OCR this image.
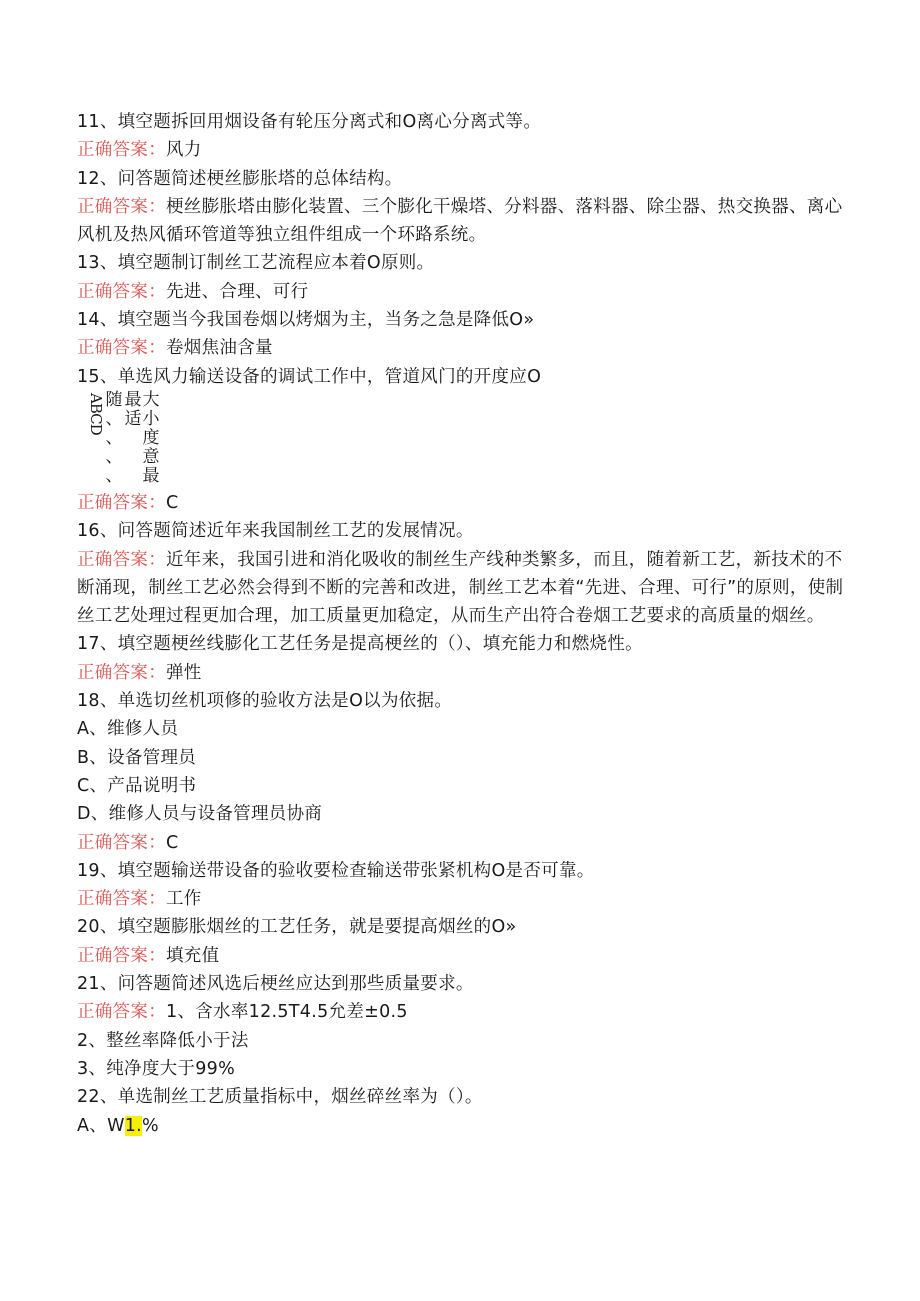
11、填空题拆回用烟设备有轮压分离式和O离心分离式等。
正确答案：风力
12、问答题简述梗丝膨胀塔的总体结构。
正确答案：梗丝膨胀塔由膨化装置、三个膨化干燥塔、分料器、落料器、除尘器、热交换器、离心风机及热风循环管道等独立组件组成一个环路系统。
13、填空题制订制丝工艺流程应本着O原则。
正确答案：先进、合理、可行
14、填空题当今我国卷烟以烤烟为主，当务之急是降低O»
正确答案：卷烟焦油含量
15、单选风力输送设备的调试工作中，管道风门的开度应O
ABCD 随
、
、
、
、
最
适
大
小
度
意
最
正确答案：C
16、问答题简述近年来我国制丝工艺的发展情况。
正确答案：近年来，我国引进和消化吸收的制丝生产线种类繁多，而且，随着新工艺，新技术的不断涌现，制丝工艺必然会得到不断的完善和改进，制丝工艺本着“先进、合理、可行”的原则，使制丝工艺处理过程更加合理，加工质量更加稳定，从而生产出符合卷烟工艺要求的高质量的烟丝。
17、填空题梗丝线膨化工艺任务是提高梗丝的（）、填充能力和燃烧性。
正确答案：弹性
18、单选切丝机项修的验收方法是O以为依据。
A、维修人员
B、设备管理员
C、产品说明书
D、维修人员与设备管理员协商
正确答案：C
19、填空题输送带设备的验收要检查输送带张紧机构O是否可靠。
正确答案：工作
20、填空题膨胀烟丝的工艺任务，就是要提高烟丝的O»
正确答案：填充值
21、问答题简述风选后梗丝应达到那些质量要求。
正确答案：1、含水率12.5T4.5允差±0.5
2、整丝率降低小于法
3、纯净度大于99%
22、单选制丝工艺质量指标中，烟丝碎丝率为（）。
A、W1.%
